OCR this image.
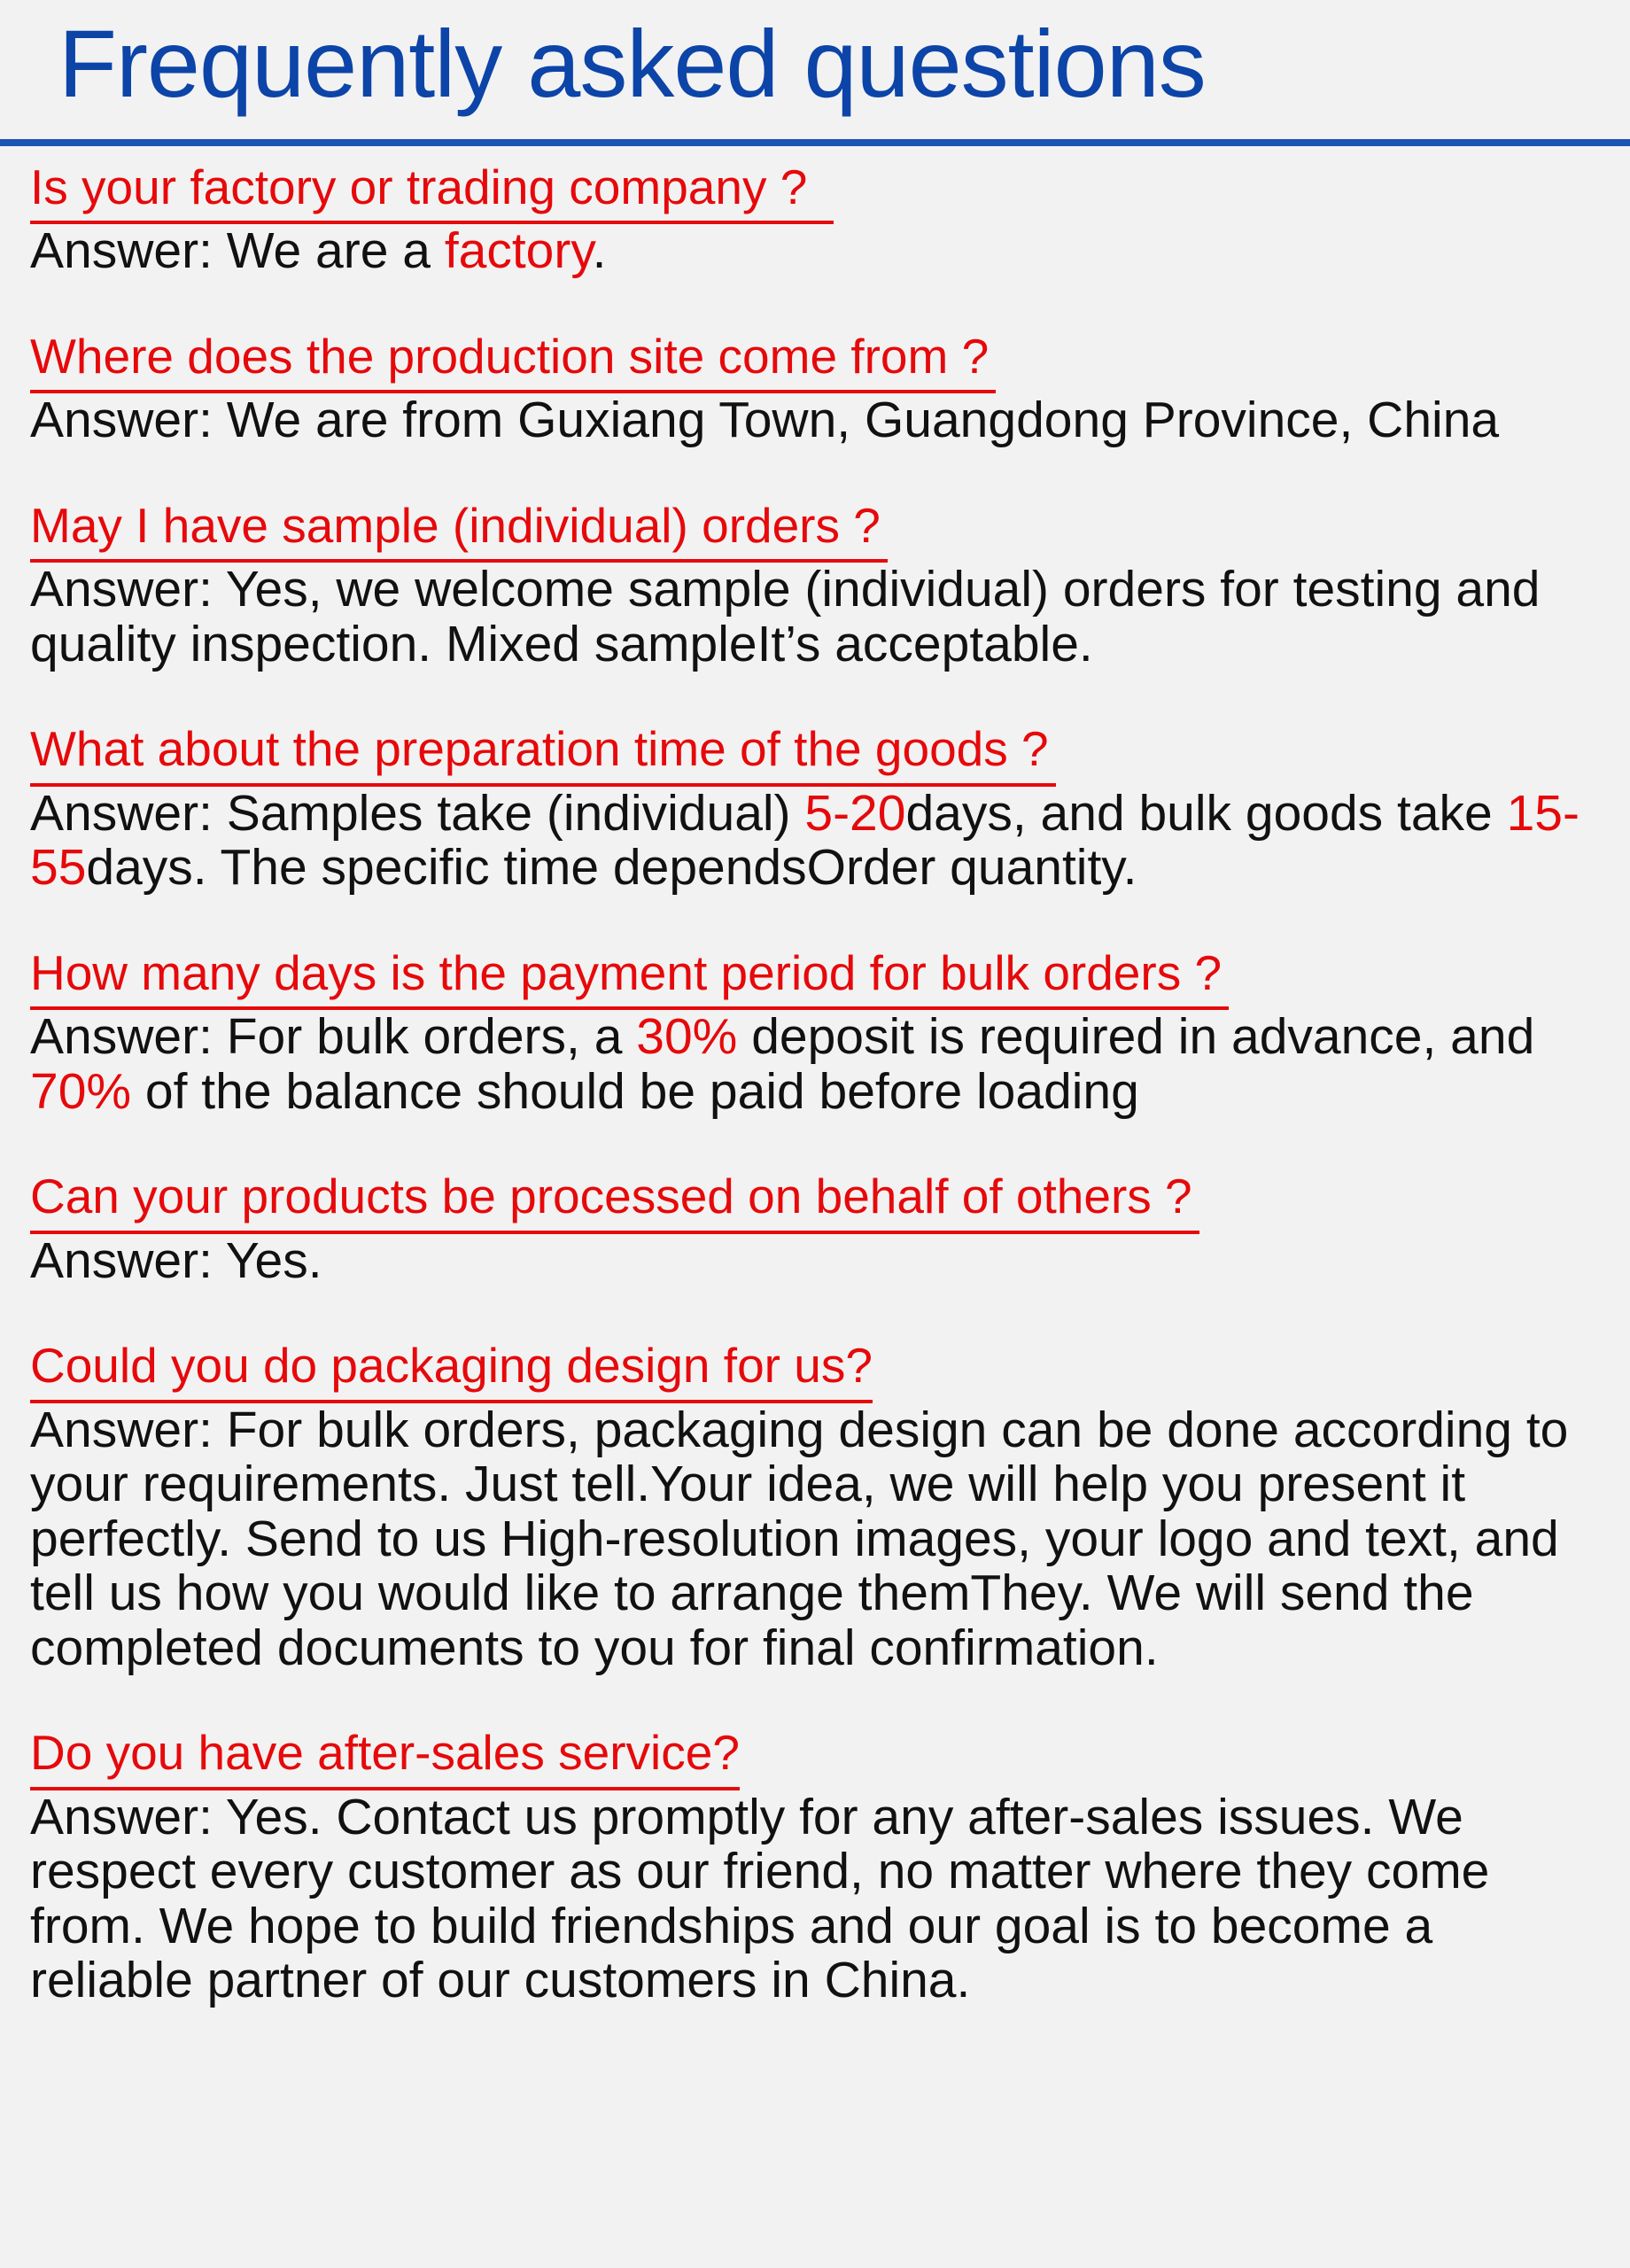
Frequently asked questions

Is your factory or trading company ?

Answer: We are a factory.

Where does the production site come from ?

Answer: We are from Guxiang Town, Guangdong Province, China

May I have sample (individual) orders ?

Answer: Yes, we welcome sample (individual) orders for testing and quality inspection. Mixed sampleIt’s acceptable.

What about the preparation time of the goods ?

Answer: Samples take (individual) 5-20days, and bulk goods take 15-55days. The specific time dependsOrder quantity.

How many days is the payment period for bulk orders ?

Answer: For bulk orders, a 30% deposit is required in advance, and 70% of the balance should be paid before loading

Can your products be processed on behalf of others ?

Answer: Yes.

Could you do packaging design for us?

Answer: For bulk orders, packaging design can be done according to your requirements. Just tell.Your idea, we will help you present it perfectly. Send to us High-resolution images, your logo and text, and tell us how you would like to arrange themThey. We will send the completed documents to you for final confirmation.

Do you have after-sales service?

Answer: Yes. Contact us promptly for any after-sales issues. We respect every customer as our friend, no matter where they come from. We hope to build friendships and our goal is to become a reliable partner of our customers in China.
